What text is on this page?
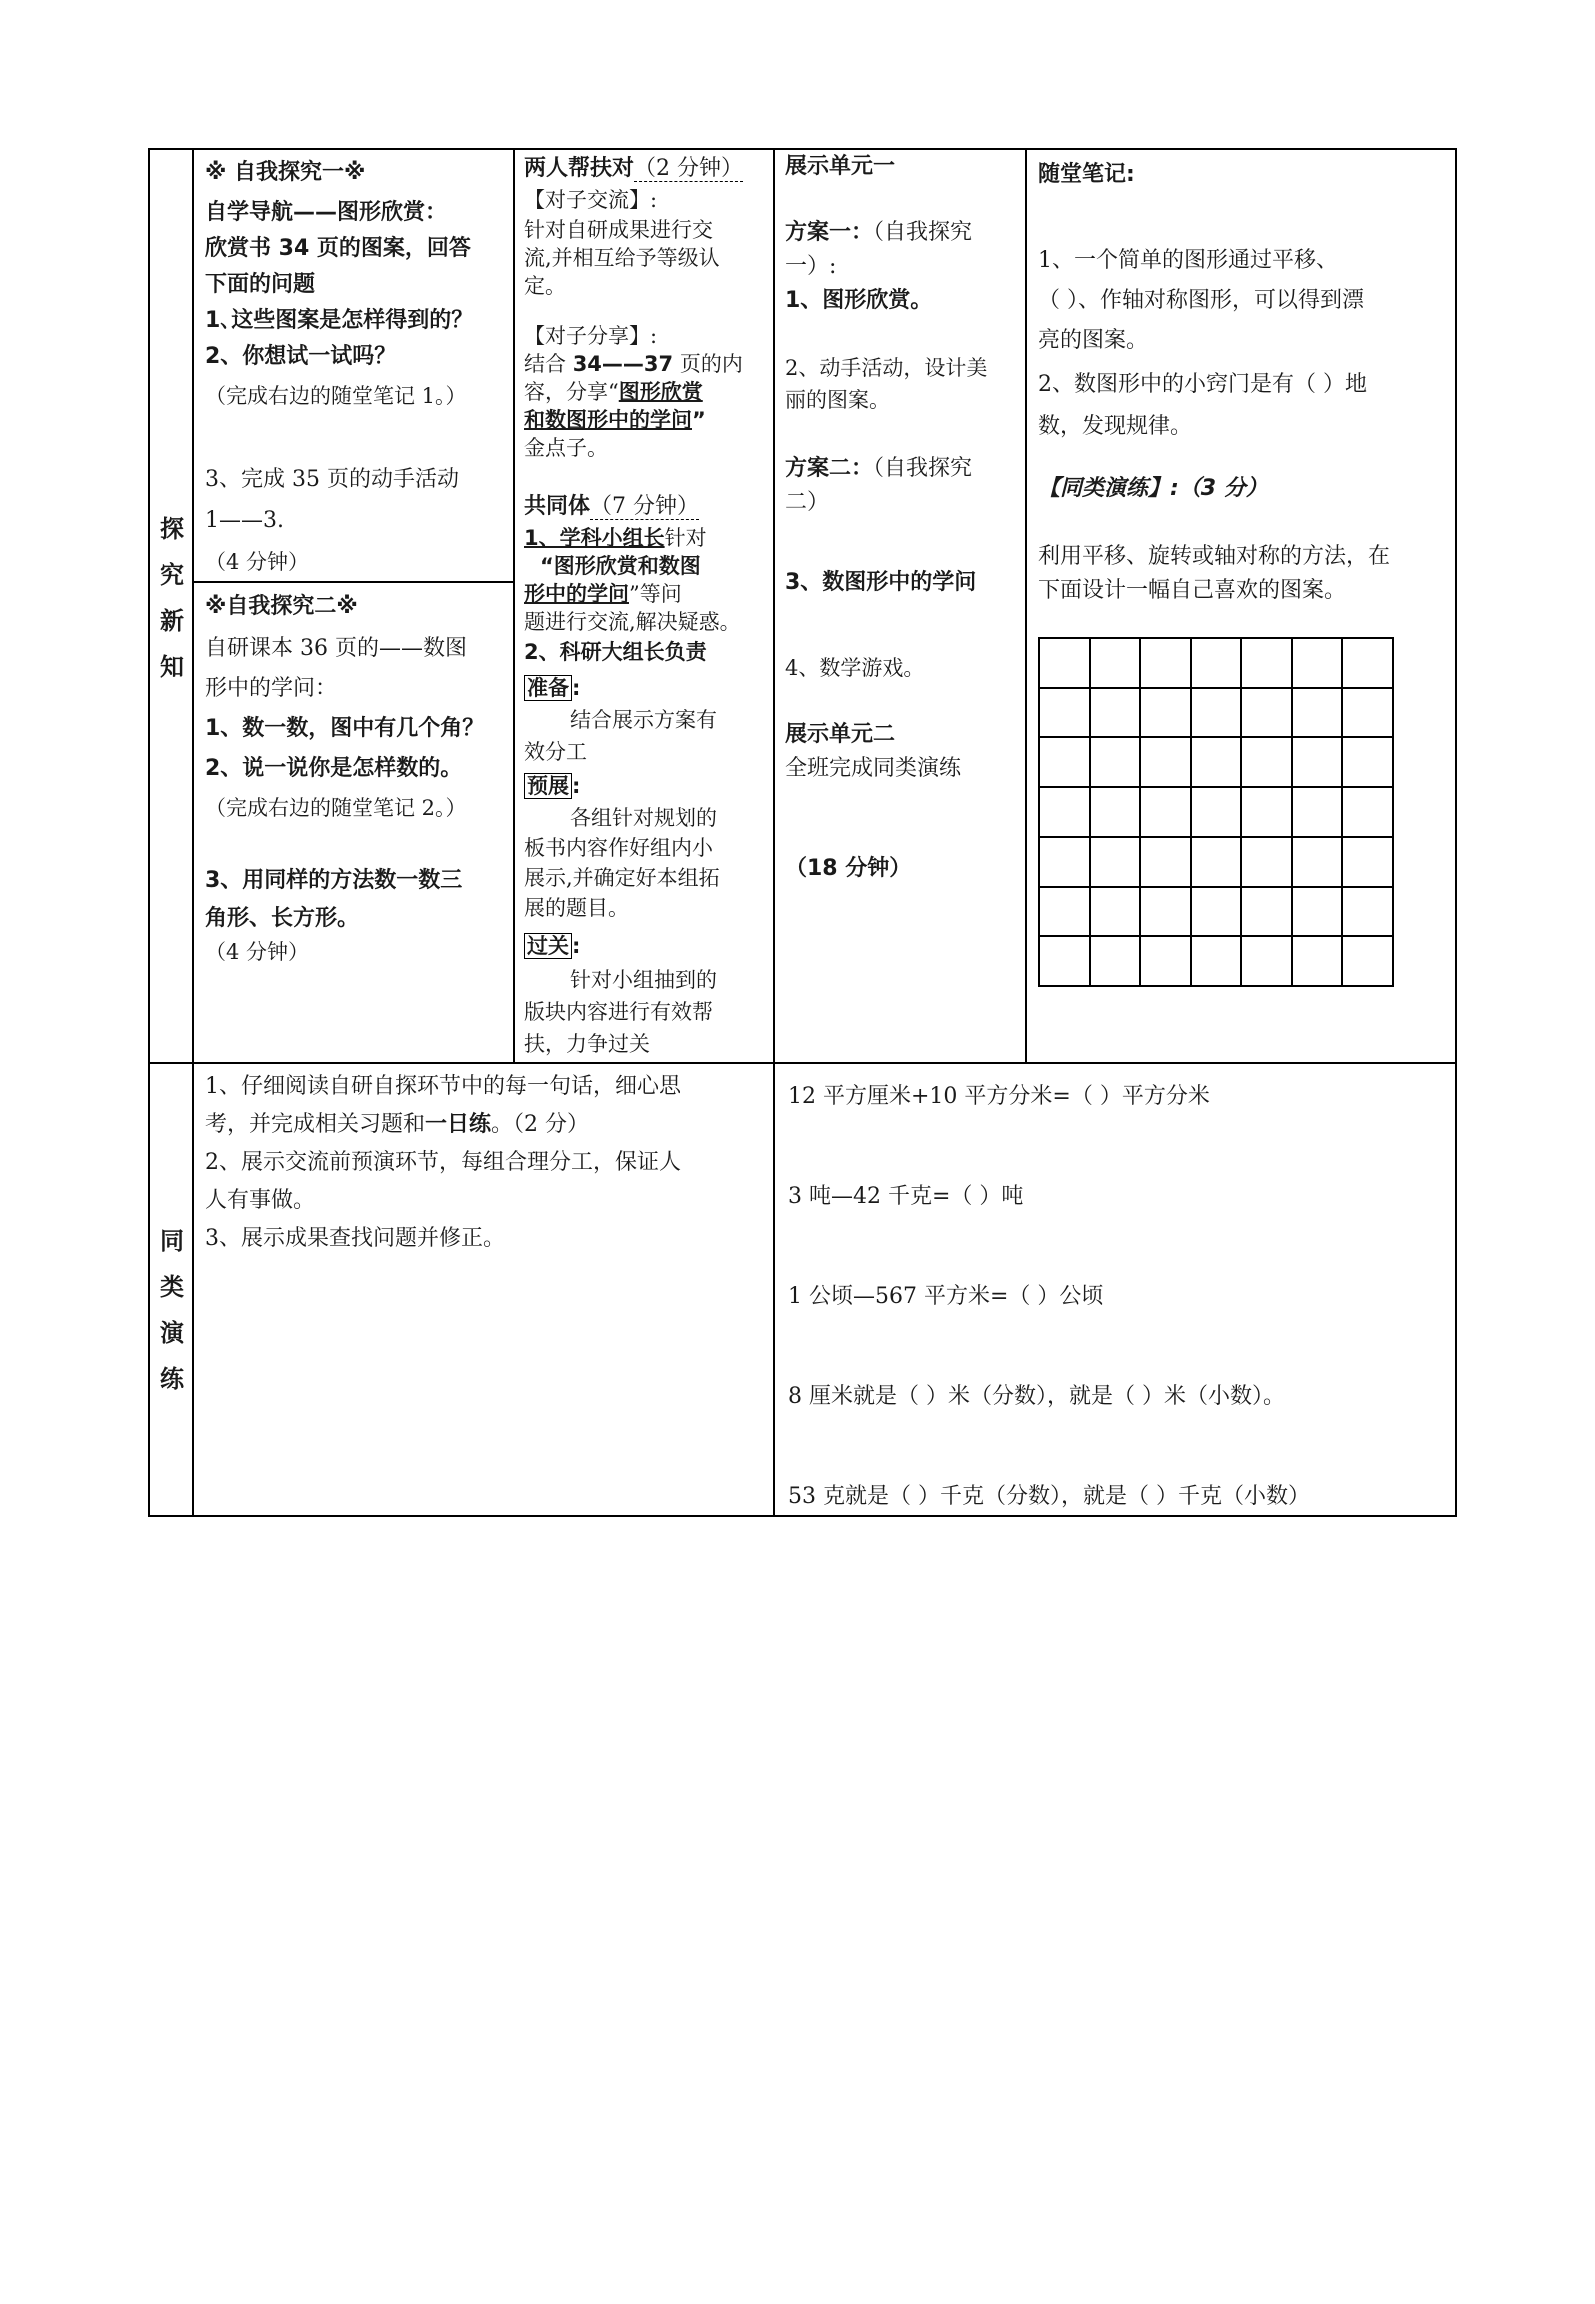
探
究
新
知
同
类
演
练
※ 自我探究一※
自学导航——图形欣赏：
欣赏书 34 页的图案，回答
下面的问题
1､这些图案是怎样得到的？
2、你想试一试吗？
（完成右边的随堂笔记 1。）
3、完成 35 页的动手活动
1——3.
（4 分钟）
※自我探究二※
自研课本 36 页的——数图
形中的学问：
1、数一数，图中有几个角？
2、说一说你是怎样数的。
（完成右边的随堂笔记 2。）
3、用同样的方法数一数三
角形、长方形。
（4 分钟）
两人帮扶对（2 分钟）
【对子交流】:
针对自研成果进行交
流,并相互给予等级认
定。
【对子分享】:
结合 34——37 页的内
容，分享“图形欣赏
和数图形中的学问”
金点子。
共同体（7 分钟）
1、学科小组长针对
“图形欣赏和数图
形中的学问”等问
题进行交流,解决疑惑。
2、科研大组长负责
准备 :
结合展示方案有
效分工
预展 :
各组针对规划的
板书内容作好组内小
展示,并确定好本组拓
展的题目。
过关 :
针对小组抽到的
版块内容进行有效帮
扶，力争过关
展示单元一
方案一：（自我探究
一）:
1、图形欣赏。
2、动手活动，设计美
丽的图案。
方案二：（自我探究
二）
3、数图形中的学问
4、数学游戏。
展示单元二
全班完成同类演练
（18 分钟）
随堂笔记:
1、一个简单的图形通过平移、
（ ）、作轴对称图形，可以得到漂
亮的图案。
2、数图形中的小窍门是有（ ）地
数，发现规律。
【同类演练】:（3 分）
利用平移、旋转或轴对称的方法，在
下面设计一幅自己喜欢的图案。
1、仔细阅读自研自探环节中的每一句话，细心思
考，并完成相关习题和一日练。（2 分）
2、展示交流前预演环节，每组合理分工，保证人
人有事做。
3、展示成果查找问题并修正。
12 平方厘米+10 平方分米=（ ）平方分米
3 吨—42 千克=（ ）吨
1 公顷—567 平方米=（ ）公顷
8 厘米就是（ ）米（分数），就是（ ）米（小数）。
53 克就是（ ）千克（分数），就是（ ）千克（小数）
